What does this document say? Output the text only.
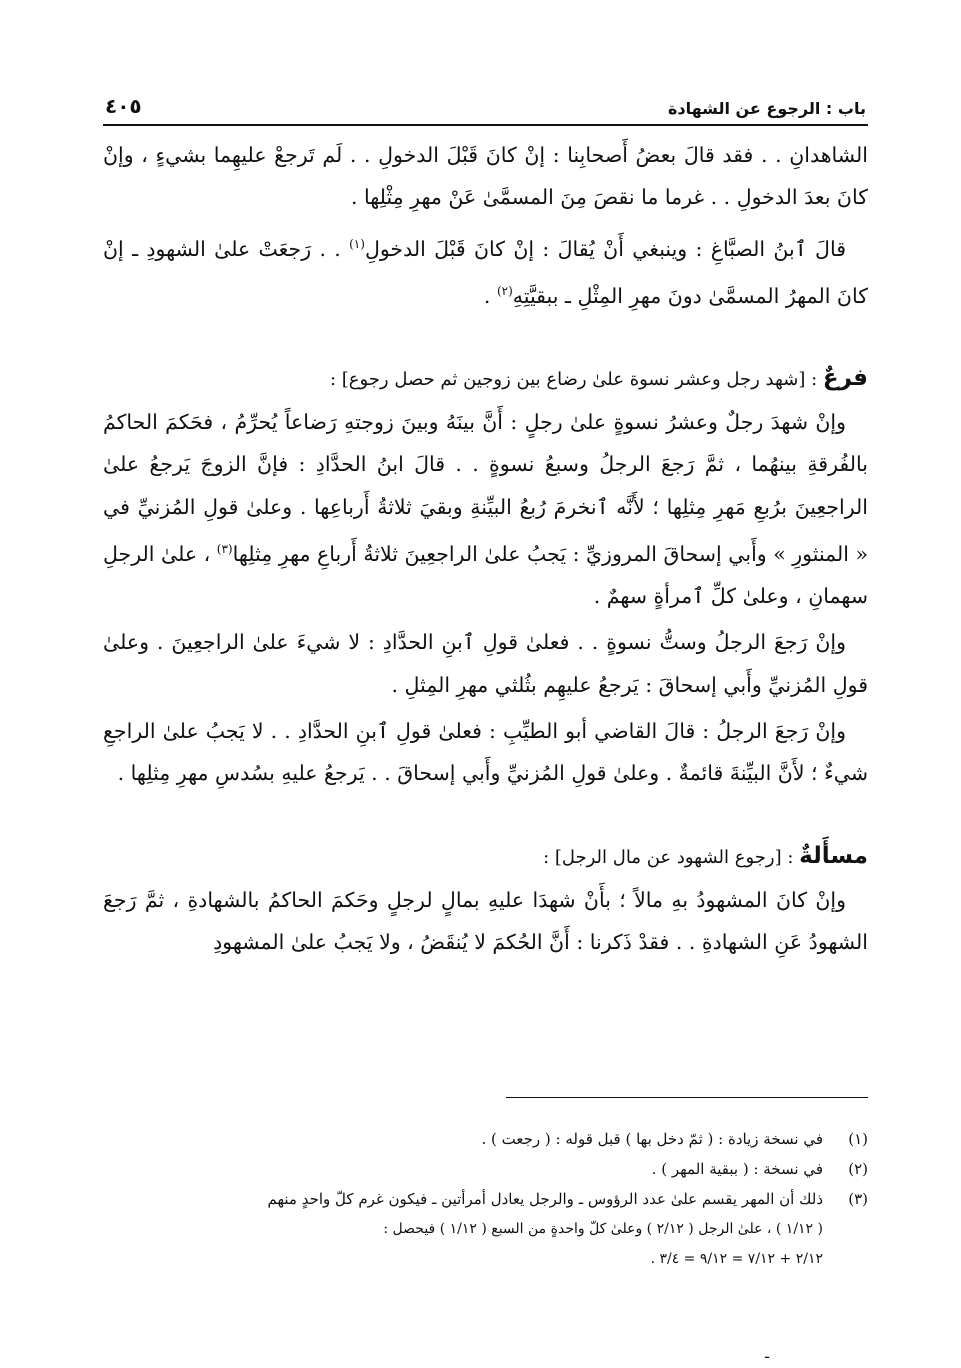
باب : الرجوع عن الشهادة
٤٠٥

الشاهدانِ . . فقد قالَ بعضُ أَصحابِنا : إنْ كانَ قَبْلَ الدخولِ . . لَم تَرجعْ عليهِما بشيءٍ ، وإنْ كانَ بعدَ الدخولِ . . غرما ما نقصَ مِنَ المسمَّىٰ عَنْ مهرِ مِثْلِها .

قالَ ٱبنُ الصبَّاغِ : وينبغي أَنْ يُقالَ : إنْ كانَ قَبْلَ الدخولِ$^{(١)}$ . . رَجعَتْ علىٰ الشهودِ ـ إنْ كانَ المهرُ المسمَّىٰ دونَ مهرِ المِثْلِ ـ ببقيَّتِهِ$^{(٢)}$ .

فرعٌ : [شهد رجل وعشر نسوة علىٰ رضاع بين زوجين ثم حصل رجوع] :

وإنْ شهدَ رجلٌ وعشرُ نسوةٍ علىٰ رجلٍ : أَنَّ بينَهُ وبينَ زوجتهِ رَضاعاً يُحرِّمُ ، فحَكمَ الحاكمُ بالفُرقةِ بينهُما ، ثمَّ رَجعَ الرجلُ وسبعُ نسوةٍ . . قالَ ابنُ الحدَّادِ : فإنَّ الزوجَ يَرجعُ علىٰ الراجعِينَ برُبعِ مَهرِ مِثلِها ؛ لأَنَّه ٱنخرمَ رُبعُ البيِّنةِ وبقيَ ثلاثةُ أَرباعِها . وعلىٰ قولِ المُزنيِّ في « المنثورِ » وأَبي إسحاقَ المروزيِّ : يَجبُ علىٰ الراجعِينَ ثلاثةُ أَرباعِ مهرِ مِثلِها$^{(٣)}$ ، علىٰ الرجلِ سهمانِ ، وعلىٰ كلِّ ٱمرأةٍ سهمٌ .

وإنْ رَجعَ الرجلُ وستُّ نسوةٍ . . فعلىٰ قولِ ٱبنِ الحدَّادِ : لا شيءَ علىٰ الراجعِينَ . وعلىٰ قولِ المُزنيِّ وأَبي إسحاقَ : يَرجعُ عليهِم بثُلثي مهرِ المِثلِ .

وإنْ رَجعَ الرجلُ : قالَ القاضي أبو الطيِّبِ : فعلىٰ قولِ ٱبنِ الحدَّادِ . . لا يَجبُ علىٰ الراجعِ شيءٌ ؛ لأَنَّ البيِّنةَ قائمةٌ . وعلىٰ قولِ المُزنيِّ وأَبي إسحاقَ . . يَرجعُ عليهِ بسُدسِ مهرِ مِثلِها .

مسأَلةٌ : [رجوع الشهود عن مال الرجل] :

وإنْ كانَ المشهودُ بهِ مالاً ؛ بأَنْ شهدَا عليهِ بمالٍ لرجلٍ وحَكمَ الحاكمُ بالشهادةِ ، ثمَّ رَجعَ الشهودُ عَنِ الشهادةِ . . فقدْ ذَكرنا : أَنَّ الحُكمَ لا يُنقَضُ ، ولا يَجبُ علىٰ المشهودِ

(١)
في نسخة زيادة : ( ثمّ دخل بها ) قبل قوله : ( رجعت ) .
(٢)
في نسخة : ( ببقية المهر ) .
(٣)
ذلك أن المهر يقسم علىٰ عدد الرؤوس ـ والرجل يعادل أمرأتين ـ فيكون غرم كلّ واحدٍ منهم
( ١/١٢ ) ، علىٰ الرجل ( ٢/١٢ ) وعلىٰ كلّ واحدةٍ من السبع ( ١/١٢ ) فيحصل :
٢/١٢ + ٧/١٢ = ٩/١٢ = ٣/٤ .
ـ
